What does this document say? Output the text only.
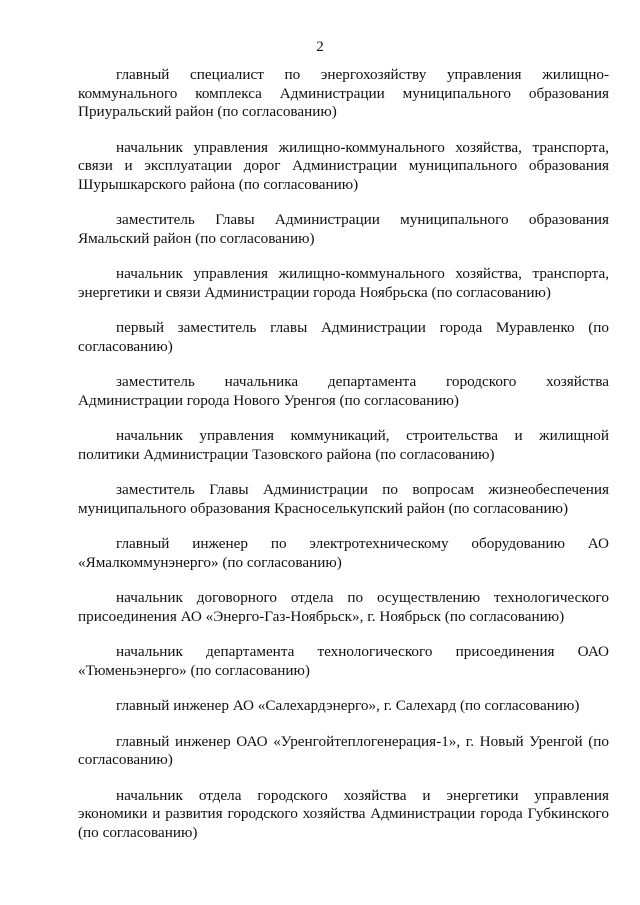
2

главный специалист по энергохозяйству управления жилищно-коммунального комплекса Администрации муниципального образования Приуральский район (по согласованию)

начальник управления жилищно-коммунального хозяйства, транспорта, связи и эксплуатации дорог Администрации муниципального образования Шурышкарского района (по согласованию)

заместитель Главы Администрации муниципального образования Ямальский район (по согласованию)

начальник управления жилищно-коммунального хозяйства, транспорта, энергетики и связи Администрации города Ноябрьска (по согласованию)

первый заместитель главы Администрации города Муравленко (по согласованию)

заместитель начальника департамента городского хозяйства Администрации города Нового Уренгоя (по согласованию)

начальник управления коммуникаций, строительства и жилищной политики Администрации Тазовского района (по согласованию)

заместитель Главы Администрации по вопросам жизнеобеспечения муниципального образования Красноселькупский район (по согласованию)

главный инженер по электротехническому оборудованию АО «Ямалкоммунэнерго» (по согласованию)

начальник договорного отдела по осуществлению технологического присоединения АО «Энерго-Газ-Ноябрьск», г. Ноябрьск (по согласованию)

начальник департамента технологического присоединения ОАО «Тюменьэнерго» (по согласованию)

главный инженер АО «Салехардэнерго», г. Салехард (по согласованию)

главный инженер ОАО «Уренгойтеплогенерация-1», г. Новый Уренгой (по согласованию)

начальник отдела городского хозяйства и энергетики управления экономики и развития городского хозяйства Администрации города Губкинского (по согласованию)
